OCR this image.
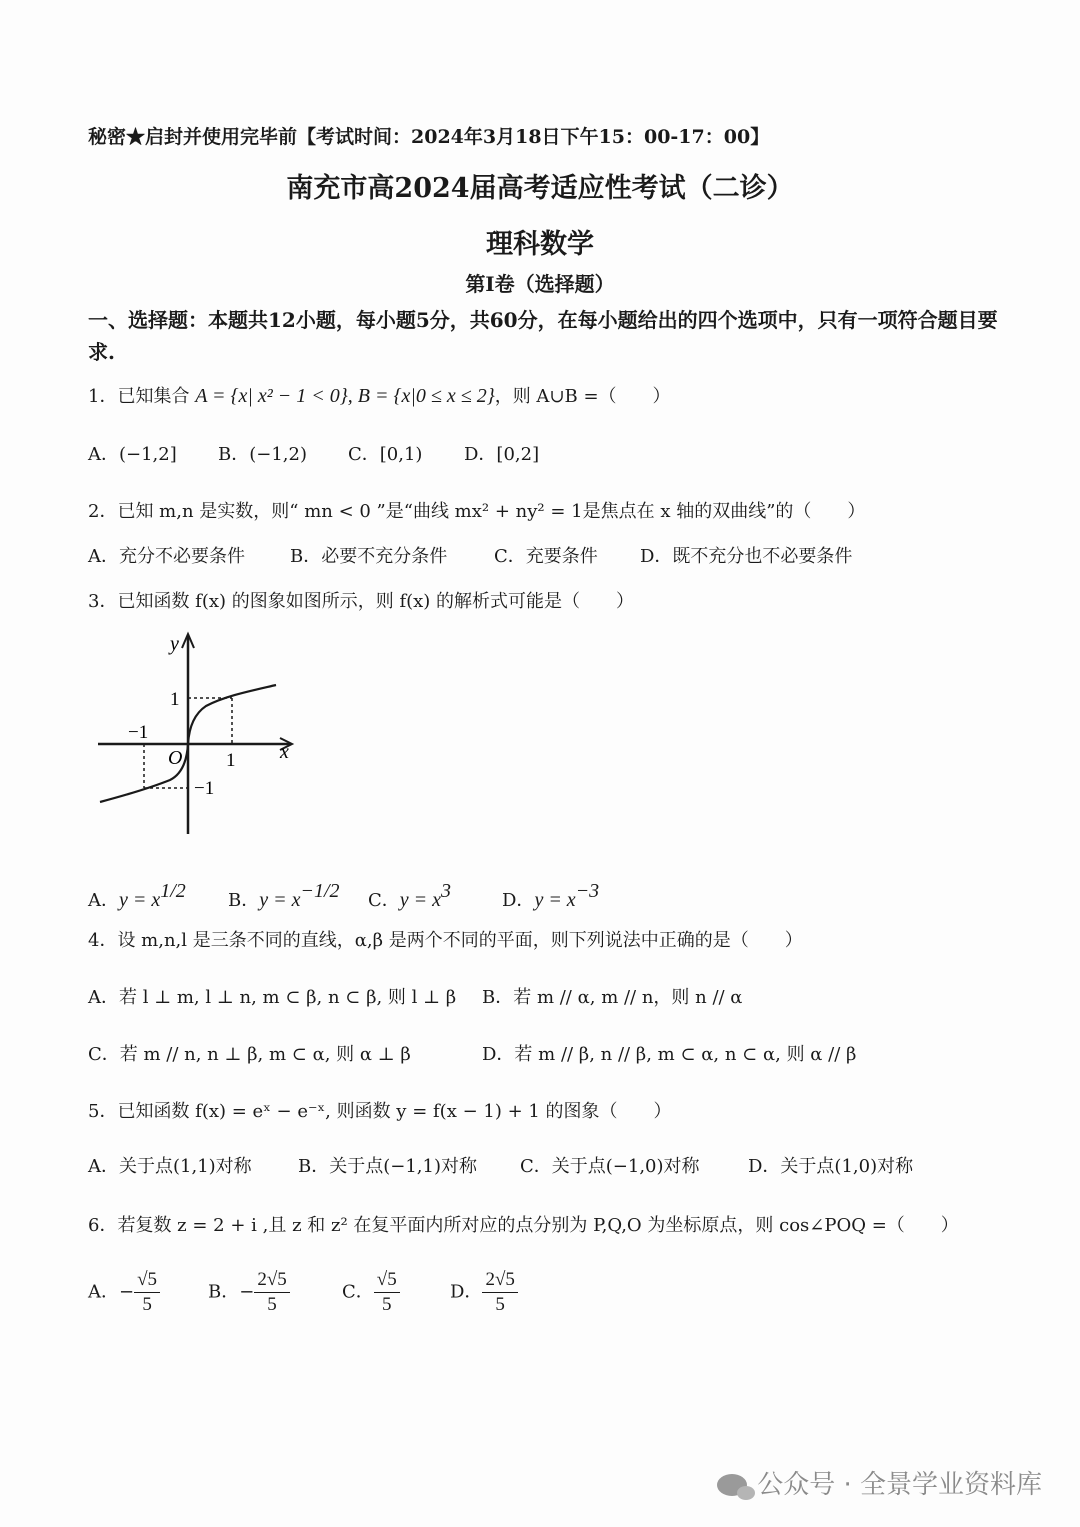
秘密★启封并使用完毕前【考试时间：2024年3月18日下午15：00-17：00】
南充市高2024届高考适应性考试（二诊）
理科数学
第Ⅰ卷（选择题）
一、选择题：本题共12小题，每小题5分，共60分，在每小题给出的四个选项中，只有一项符合题目要求.
1．已知集合 A = {x| x² − 1 < 0}, B = {x|0 ≤ x ≤ 2}，则 A∪B =（　　）
A．(−1,2] B．(−1,2) C．[0,1) D．[0,2]
2．已知 m,n 是实数，则“ mn < 0 ”是“曲线 mx² + ny² = 1是焦点在 x 轴的双曲线”的（　　）
A．充分不必要条件	B．必要不充分条件	C．充要条件 D．既不充分也不必要条件
3．已知函数 f(x) 的图象如图所示，则 f(x) 的解析式可能是（　　）
y
x
O
1
−1
1
−1
A．$y = x^{1/2}$ B．$y = x^{-1/2}$ C．$y = x^3$	D．$y = x^{-3}$
4．设 m,n,l 是三条不同的直线，α,β 是两个不同的平面，则下列说法中正确的是（　　）
A．若 l ⊥ m, l ⊥ n, m ⊂ β, n ⊂ β, 则 l ⊥ β B．若 m // α, m // n，则 n // α
C．若 m // n, n ⊥ β, m ⊂ α, 则 α ⊥ β	D．若 m // β, n // β, m ⊂ α, n ⊂ α, 则 α // β
5．已知函数 f(x) = eˣ − e⁻ˣ, 则函数 y = f(x − 1) + 1 的图象（　　）
A．关于点(1,1)对称	B．关于点(−1,1)对称 C．关于点(−1,0)对称	D．关于点(1,0)对称
6．若复数 z = 2 + i ,且 z 和 z² 在复平面内所对应的点分别为 P,Q,O 为坐标原点，则 cos∠POQ =（　　）
A．− $\frac{√5}{5}$	B．− $\frac{2√5}{5}$	C． $\frac{√5}{5}$	D． $\frac{2√5}{5}$
公众号 · 全景学业资料库
